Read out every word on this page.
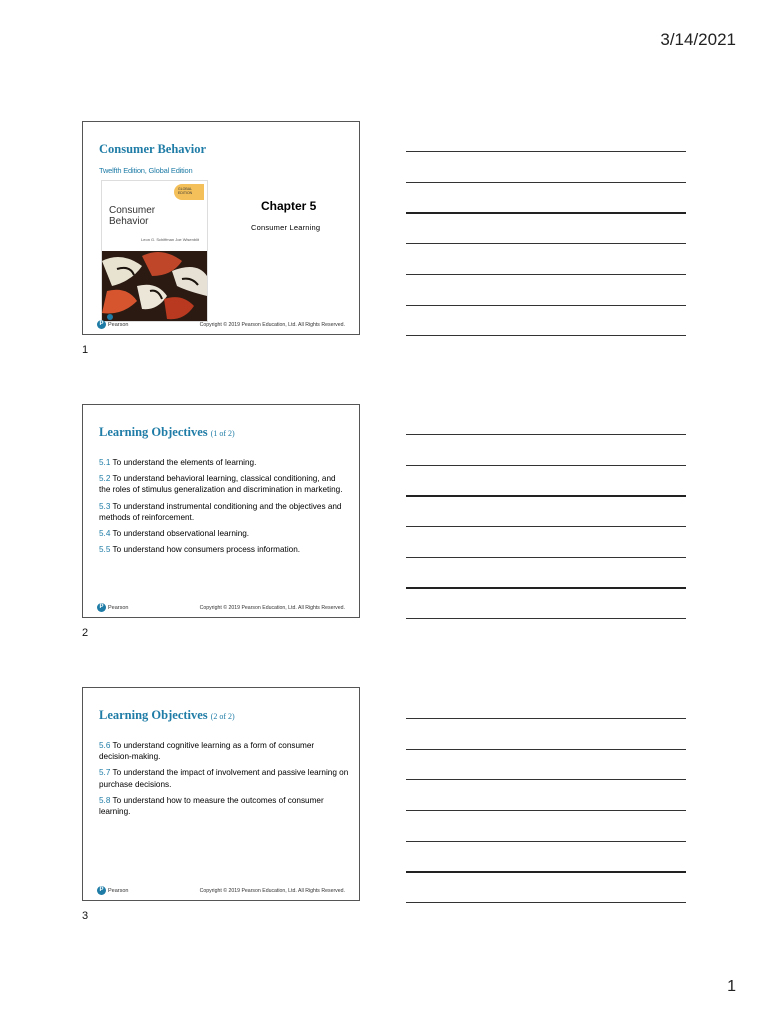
3/14/2021
Consumer Behavior
Twelfth Edition, Global Edition
GLOBAL EDITION
Consumer
Behavior
Leon G. Schiffman Joe Wisenblit
Chapter 5
Consumer Learning
P Pearson	Copyright © 2019 Pearson Education, Ltd. All Rights Reserved.
1
Learning Objectives (1 of 2)

5.1 To understand the elements of learning.

5.2 To understand behavioral learning, classical conditioning, and the roles of stimulus generalization and discrimination in marketing.

5.3 To understand instrumental conditioning and the objectives and methods of reinforcement.

5.4 To understand observational learning.

5.5 To understand how consumers process information.

P Pearson	Copyright © 2019 Pearson Education, Ltd. All Rights Reserved.
2
Learning Objectives (2 of 2)

5.6 To understand cognitive learning as a form of consumer decision-making.

5.7 To understand the impact of involvement and passive learning on purchase decisions.

5.8 To understand how to measure the outcomes of consumer learning.

P Pearson	Copyright © 2019 Pearson Education, Ltd. All Rights Reserved.
3
1
